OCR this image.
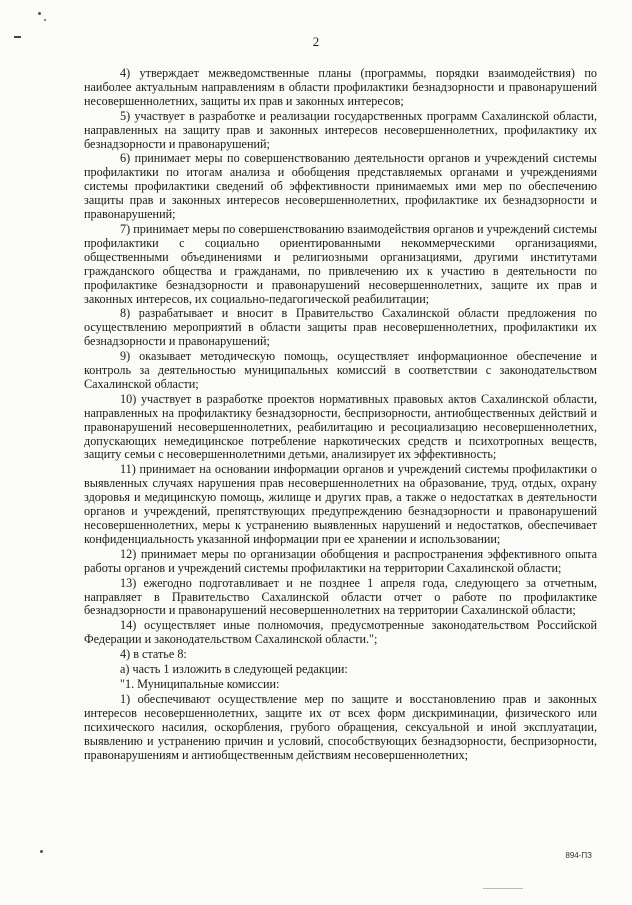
2

4) утверждает межведомственные планы (программы, порядки взаимодействия) по наиболее актуальным направлениям в области профилактики безнадзорности и правонарушений несовершеннолетних, защиты их прав и законных интересов;

5) участвует в разработке и реализации государственных программ Сахалинской области, направленных на защиту прав и законных интересов несовершеннолетних, профилактику их безнадзорности и правонарушений;

6) принимает меры по совершенствованию деятельности органов и учреждений системы профилактики по итогам анализа и обобщения представляемых органами и учреждениями системы профилактики сведений об эффективности принимаемых ими мер по обеспечению защиты прав и законных интересов несовершеннолетних, профилактике их безнадзорности и правонарушений;

7) принимает меры по совершенствованию взаимодействия органов и учреждений системы профилактики с социально ориентированными некоммерческими организациями, общественными объединениями и религиозными организациями, другими институтами гражданского общества и гражданами, по привлечению их к участию в деятельности по профилактике безнадзорности и правонарушений несовершеннолетних, защите их прав и законных интересов, их социально-педагогической реабилитации;

8) разрабатывает и вносит в Правительство Сахалинской области предложения по осуществлению мероприятий в области защиты прав несовершеннолетних, профилактики их безнадзорности и правонарушений;

9) оказывает методическую помощь, осуществляет информационное обеспечение и контроль за деятельностью муниципальных комиссий в соответствии с законодательством Сахалинской области;

10) участвует в разработке проектов нормативных правовых актов Сахалинской области, направленных на профилактику безнадзорности, беспризорности, антиобщественных действий и правонарушений несовершеннолетних, реабилитацию и ресоциализацию несовершеннолетних, допускающих немедицинское потребление наркотических средств и психотропных веществ, защиту семьи с несовершеннолетними детьми, анализирует их эффективность;

11) принимает на основании информации органов и учреждений системы профилактики о выявленных случаях нарушения прав несовершеннолетних на образование, труд, отдых, охрану здоровья и медицинскую помощь, жилище и других прав, а также о недостатках в деятельности органов и учреждений, препятствующих предупреждению безнадзорности и правонарушений несовершеннолетних, меры к устранению выявленных нарушений и недостатков, обеспечивает конфиденциальность указанной информации при ее хранении и использовании;

12) принимает меры по организации обобщения и распространения эффективного опыта работы органов и учреждений системы профилактики на территории Сахалинской области;

13) ежегодно подготавливает и не позднее 1 апреля года, следующего за отчетным, направляет в Правительство Сахалинской области отчет о работе по профилактике безнадзорности и правонарушений несовершеннолетних на территории Сахалинской области;

14) осуществляет иные полномочия, предусмотренные законодательством Российской Федерации и законодательством Сахалинской области.";

4) в статье 8:

а) часть 1 изложить в следующей редакции:

"1. Муниципальные комиссии:

1) обеспечивают осуществление мер по защите и восстановлению прав и законных интересов несовершеннолетних, защите их от всех форм дискриминации, физического или психического насилия, оскорбления, грубого обращения, сексуальной и иной эксплуатации, выявлению и устранению причин и условий, способствующих безнадзорности, беспризорности, правонарушениям и антиобщественным действиям несовершеннолетних;

894-ПЗ
